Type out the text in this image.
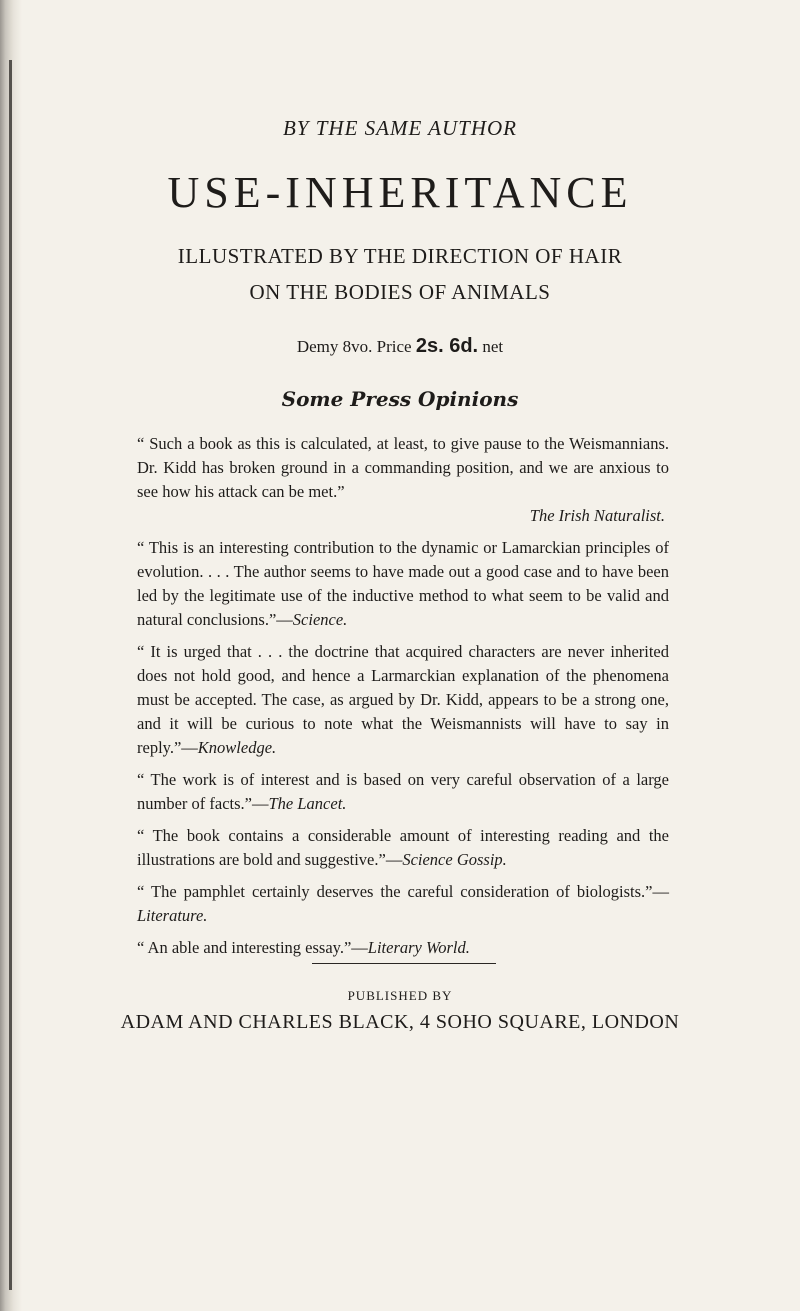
BY THE SAME AUTHOR
USE-INHERITANCE
ILLUSTRATED BY THE DIRECTION OF HAIR
ON THE BODIES OF ANIMALS
Demy 8vo. Price 2s. 6d. net
Some Press Opinions
“ Such a book as this is calculated, at least, to give pause to the Weismannians. Dr. Kidd has broken ground in a commanding position, and we are anxious to see how his attack can be met.”
The Irish Naturalist.
“ This is an interesting contribution to the dynamic or Lamarckian principles of evolution. . . . The author seems to have made out a good case and to have been led by the legitimate use of the inductive method to what seem to be valid and natural conclusions.”—Science.
“ It is urged that . . . the doctrine that acquired characters are never inherited does not hold good, and hence a Larmarckian explanation of the phenomena must be accepted. The case, as argued by Dr. Kidd, appears to be a strong one, and it will be curious to note what the Weismannists will have to say in reply.”—Knowledge.
“ The work is of interest and is based on very careful observation of a large number of facts.”—The Lancet.
“ The book contains a considerable amount of interesting reading and the illustrations are bold and suggestive.”—Science Gossip.
“ The pamphlet certainly deserves the careful consideration of biologists.”—Literature.
“ An able and interesting essay.”—Literary World.
PUBLISHED BY
ADAM AND CHARLES BLACK, 4 SOHO SQUARE, LONDON
